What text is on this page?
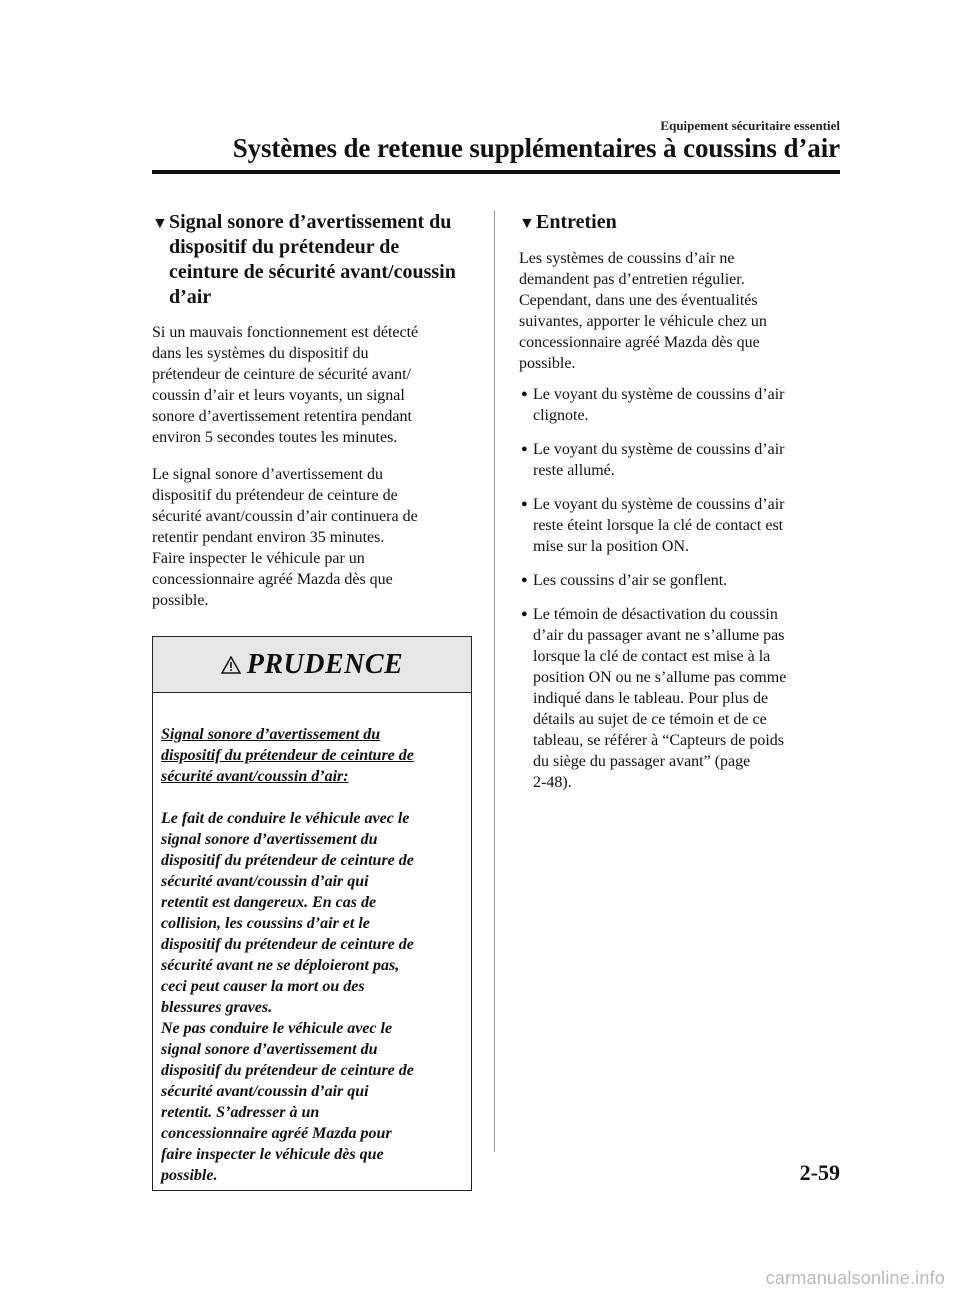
Equipement sécuritaire essentiel
Systèmes de retenue supplémentaires à coussins d’air
▼ Signal sonore d’avertissement du
dispositif du prétendeur de
ceinture de sécurité avant/coussin
d’air

Si un mauvais fonctionnement est détecté
dans les systèmes du dispositif du
prétendeur de ceinture de sécurité avant/
coussin d’air et leurs voyants, un signal
sonore d’avertissement retentira pendant
environ 5 secondes toutes les minutes.

Le signal sonore d’avertissement du
dispositif du prétendeur de ceinture de
sécurité avant/coussin d’air continuera de
retentir pendant environ 35 minutes.
Faire inspecter le véhicule par un
concessionnaire agréé Mazda dès que
possible.

PRUDENCE

Signal sonore d’avertissement du
dispositif du prétendeur de ceinture de
sécurité avant/coussin d’air:

Le fait de conduire le véhicule avec le
signal sonore d’avertissement du
dispositif du prétendeur de ceinture de
sécurité avant/coussin d’air qui
retentit est dangereux. En cas de
collision, les coussins d’air et le
dispositif du prétendeur de ceinture de
sécurité avant ne se déploieront pas,
ceci peut causer la mort ou des
blessures graves.
Ne pas conduire le véhicule avec le
signal sonore d’avertissement du
dispositif du prétendeur de ceinture de
sécurité avant/coussin d’air qui
retentit. S’adresser à un
concessionnaire agréé Mazda pour
faire inspecter le véhicule dès que
possible.

▼ Entretien

Les systèmes de coussins d’air ne
demandent pas d’entretien régulier.
Cependant, dans une des éventualités
suivantes, apporter le véhicule chez un
concessionnaire agréé Mazda dès que
possible.

● Le voyant du système de coussins d’air
clignote.
● Le voyant du système de coussins d’air
reste allumé.
● Le voyant du système de coussins d’air
reste éteint lorsque la clé de contact est
mise sur la position ON.
● Les coussins d’air se gonflent.
● Le témoin de désactivation du coussin
d’air du passager avant ne s’allume pas
lorsque la clé de contact est mise à la
position ON ou ne s’allume pas comme
indiqué dans le tableau. Pour plus de
détails au sujet de ce témoin et de ce
tableau, se référer à “Capteurs de poids
du siège du passager avant” (page
2-48).
2-59
carmanualsonline.info
